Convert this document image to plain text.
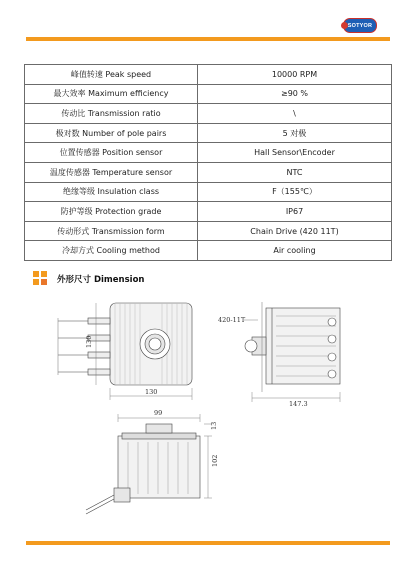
SOTYOR
峰值转速 Peak speed	10000 RPM
最大效率 Maximum efficiency	≥90 %
传动比 Transmission ratio	\
极对数 Number of pole pairs	5 对极
位置传感器 Position sensor	Hall Sensor\Encoder
温度传感器 Temperature sensor	NTC
绝缘等级 Insulation class	F（155℃）
防护等级 Protection grade	IP67
传动形式 Transmission form	Chain Drive (420 11T)
冷却方式 Cooling method	Air cooling
外形尺寸 Dimension
130
130
420-11T
147.3
99
102
13
